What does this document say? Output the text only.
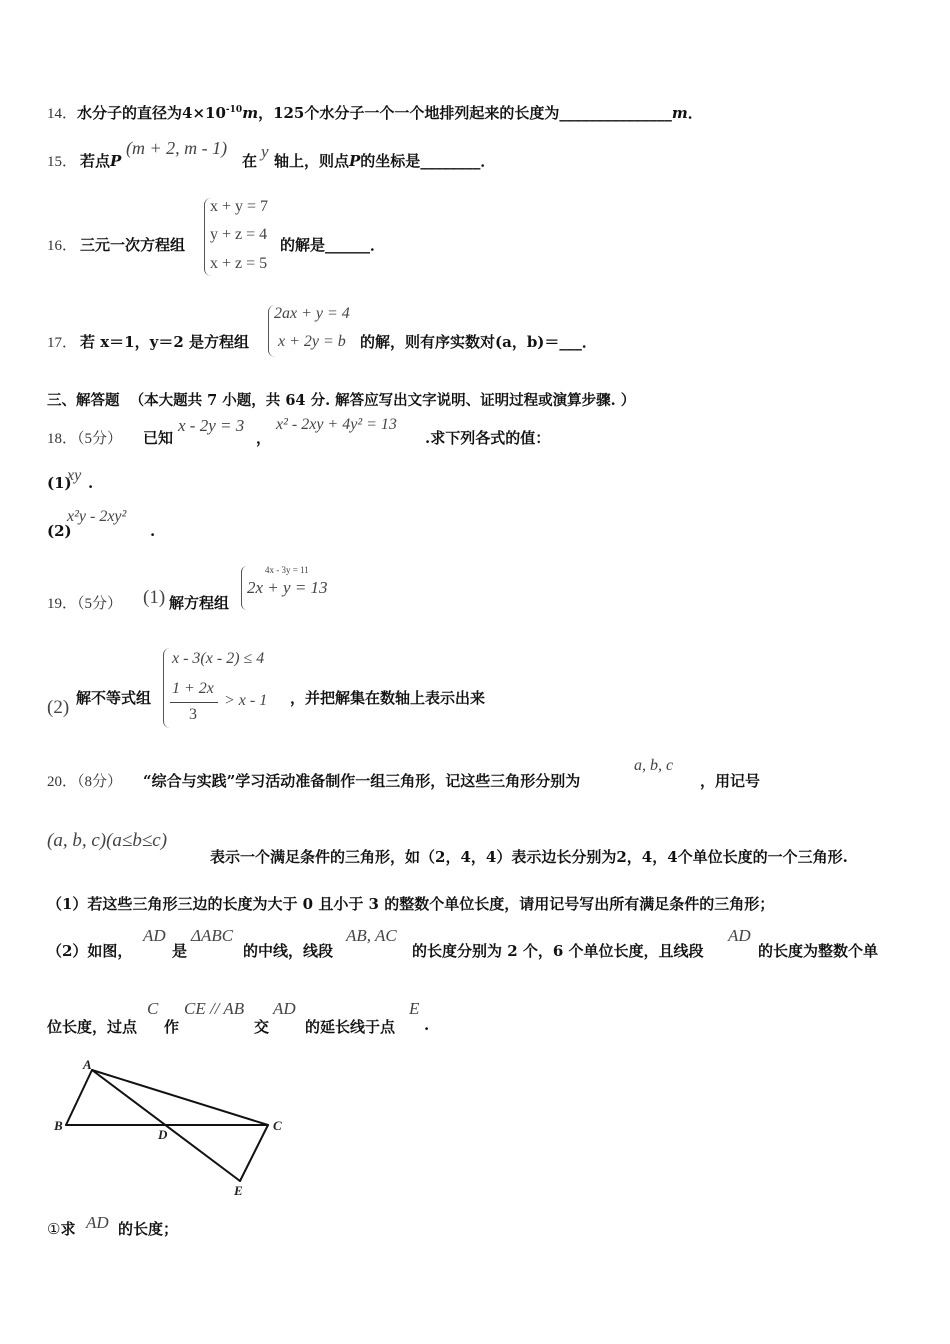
14．水分子的直径为$4\times 10^{-10}m$，125个水分子一个一个地排列起来的长度为_______________m．
15． 若点P
(m + 2, m - 1)
在 y 轴上，则点P的坐标是________．
16． 三元一次方程组
x + y = 7
y + z = 4
x + z = 5
的解是______．
17． 若 x＝1，y＝2 是方程组
2ax + y = 4
x + 2y = b 的解，则有序实数对(a，b)＝___．
三、解答题 （本大题共 7 小题，共 64 分. 解答应写出文字说明、证明过程或演算步骤. ）
18．（5分） 已知
x - 2y = 3
，
x² - 2xy + 4y² = 13
.求下列各式的值：
(1)
xy .
(2)
x²y - 2xy²
.
19．（5分） (1) 解方程组
4x - 3y = 11
2x + y = 13
(2) 解不等式组
x - 3(x - 2) ≤ 4
1 + 2x
3
> x - 1 ，并把解集在数轴上表示出来
20．（8分） “综合与实践”学习活动准备制作一组三角形，记这些三角形分别为
a, b, c
，用记号
(a, b, c)(a≤b≤c)
表示一个满足条件的三角形，如（2，4，4）表示边长分别为2，4，4个单位长度的一个三角形.
（1）若这些三角形三边的长度为大于 0 且小于 3 的整数个单位长度，请用记号写出所有满足条件的三角形；
（2）如图，
AD
是
ΔABC
的中线，线段
AB, AC
的长度分别为 2 个，6 个单位长度，且线段
AD
的长度为整数个单
位长度，过点
C
作
CE // AB
交
AD
的延长线于点
E
.
A
B	C
D
E
①求 AD 的长度；
